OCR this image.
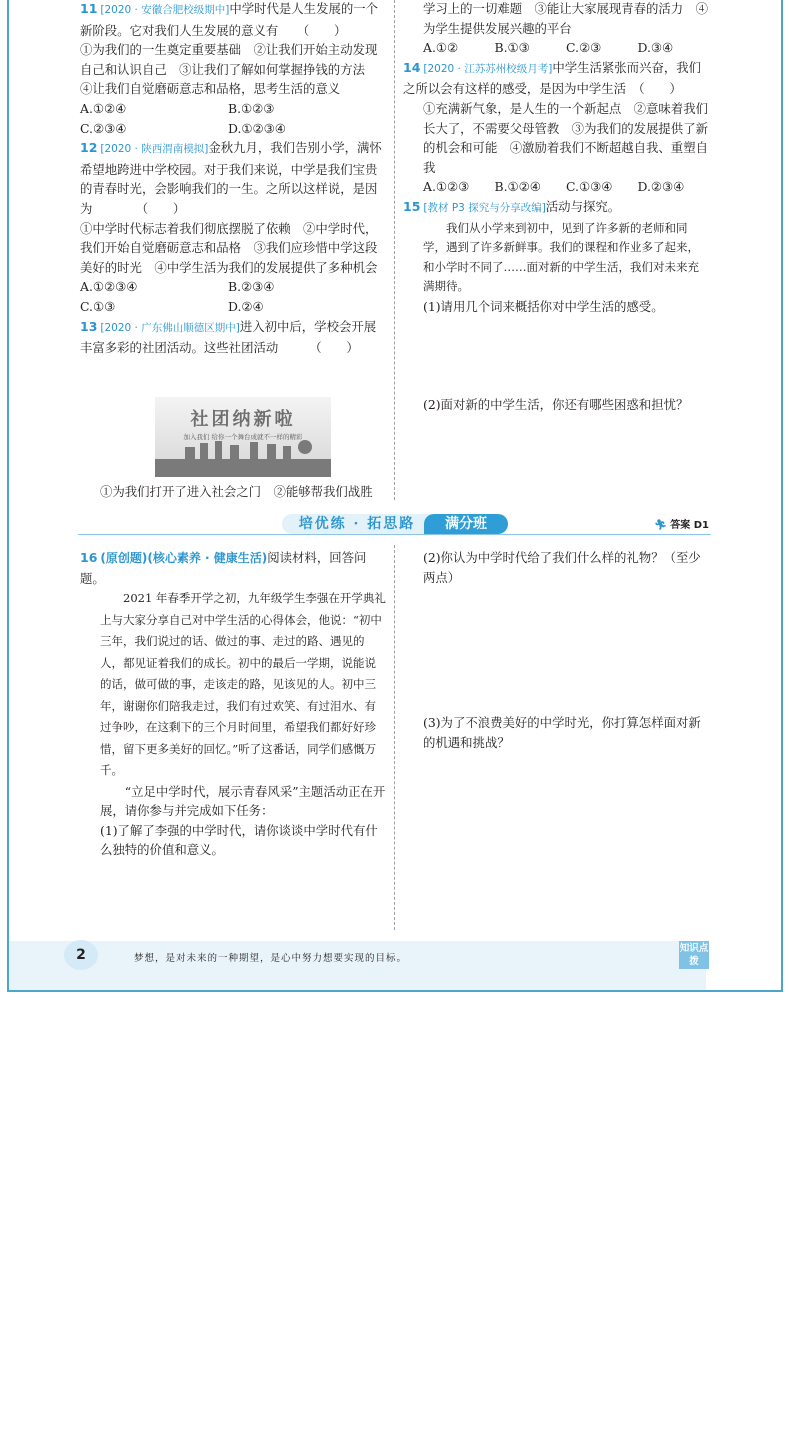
11 [2020 · 安徽合肥校级期中]中学时代是人生发展的一个新阶段。它对我们人生发展的意义有　　（　　）

①为我们的一生奠定重要基础　②让我们开始主动发现自己和认识自己　③让我们了解如何掌握挣钱的方法　④让我们自觉磨砺意志和品格，思考生活的意义

A.①②④	B.①②③
C.②③④	D.①②③④

12 [2020 · 陕西渭南模拟]金秋九月，我们告别小学，满怀希望地跨进中学校园。对于我们来说，中学是我们宝贵的青春时光，会影响我们的一生。之所以这样说，是因为　　　　（　　）

①中学时代标志着我们彻底摆脱了依赖　②中学时代，我们开始自觉磨砺意志和品格　③我们应珍惜中学这段美好的时光　④中学生活为我们的发展提供了多种机会

A.①②③④	B.②③④
C.①③	D.②④

13 [2020 · 广东佛山顺德区期中]进入初中后，学校会开展丰富多彩的社团活动。这些社团活动　　　（　　）

社团纳新啦
加入我们 给你一个舞台成就不一样的精彩

①为我们打开了进入社会之门　②能够帮我们战胜

学习上的一切难题　③能让大家展现青春的活力　④为学生提供发展兴趣的平台

A.①②	B.①③	C.②③	D.③④

14 [2020 · 江苏苏州校级月考]中学生活紧张而兴奋，我们之所以会有这样的感受，是因为中学生活　（　　）

①充满新气象，是人生的一个新起点　②意味着我们长大了，不需要父母管教　③为我们的发展提供了新的机会和可能　④激励着我们不断超越自我、重塑自我

A.①②③	B.①②④	C.①③④	D.②③④

15 [教材 P3 探究与分享改编]活动与探究。

我们从小学来到初中，见到了许多新的老师和同学，遇到了许多新鲜事。我们的课程和作业多了起来，和小学时不同了……面对新的中学生活，我们对未来充满期待。

(1)请用几个词来概括你对中学生活的感受。

(2)面对新的中学生活，你还有哪些困惑和担忧？

培优练 · 拓思路	满分班	🏃︎ 答案 D1

16 (原创题)(核心素养 · 健康生活)阅读材料，回答问题。

2021 年春季开学之初，九年级学生李强在开学典礼上与大家分享自己对中学生活的心得体会，他说：“初中三年，我们说过的话、做过的事、走过的路、遇见的人，都见证着我们的成长。初中的最后一学期，说能说的话，做可做的事，走该走的路，见该见的人。初中三年，谢谢你们陪我走过，我们有过欢笑、有过泪水、有过争吵，在这剩下的三个月时间里，希望我们都好好珍惜，留下更多美好的回忆。”听了这番话，同学们感慨万千。

“立足中学时代，展示青春风采”主题活动正在开展，请你参与并完成如下任务：

(1)了解了李强的中学时代，请你谈谈中学时代有什么独特的价值和意义。

(2)你认为中学时代给了我们什么样的礼物？（至少两点）

(3)为了不浪费美好的中学时光，你打算怎样面对新的机遇和挑战？

2	梦想，是对未来的一种期望，是心中努力想要实现的目标。
知识点拨
